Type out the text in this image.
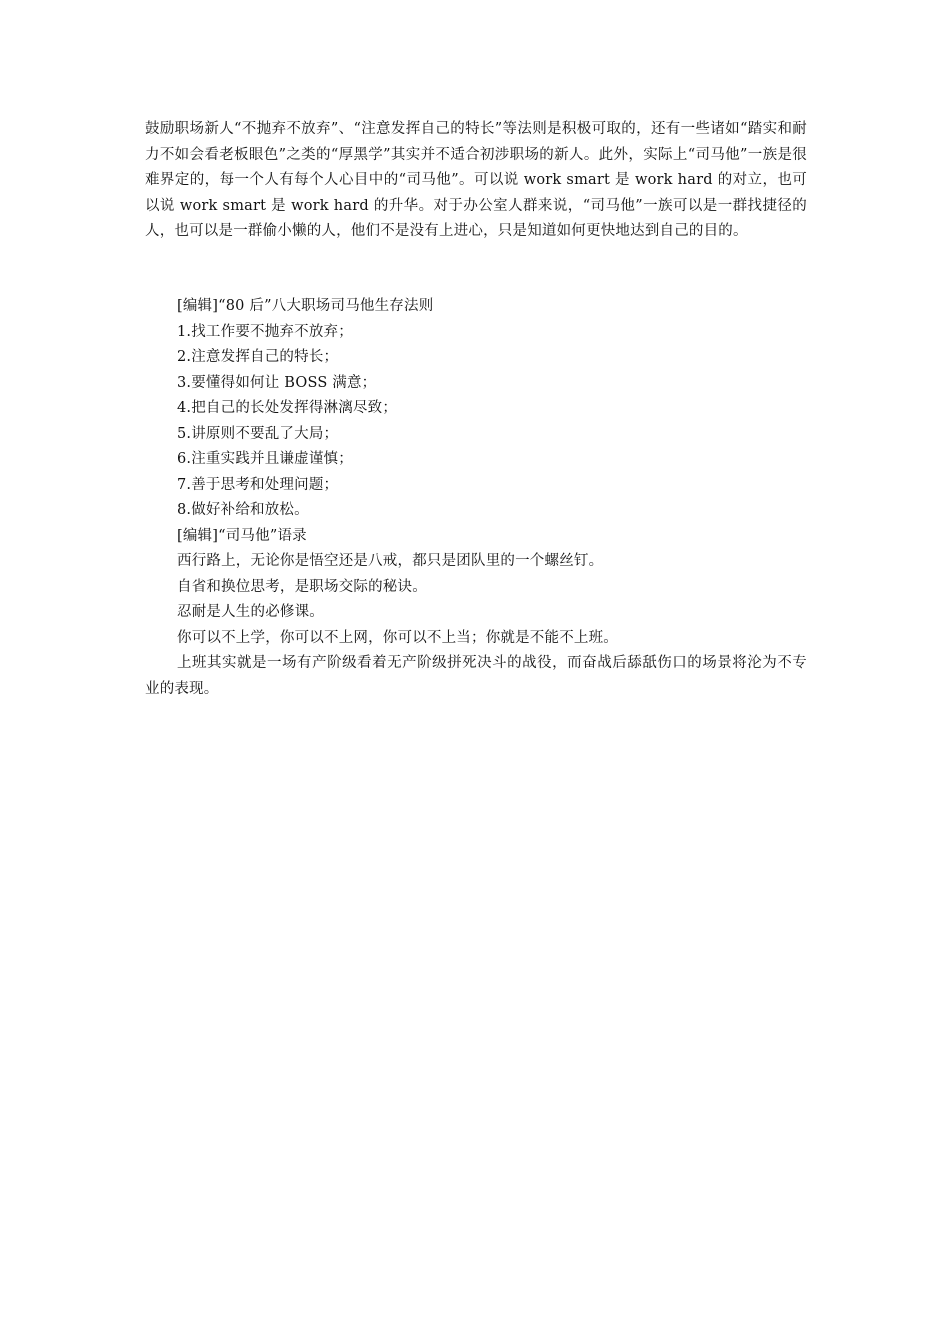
鼓励职场新人“不抛弃不放弃”、“注意发挥自己的特长”等法则是积极可取的，还有一些诸如“踏实和耐力不如会看老板眼色”之类的“厚黑学”其实并不适合初涉职场的新人。此外，实际上“司马他”一族是很难界定的，每一个人有每个人心目中的“司马他”。可以说 work smart 是 work hard 的对立，也可以说 work smart 是 work hard 的升华。对于办公室人群来说，“司马他”一族可以是一群找捷径的人，也可以是一群偷小懒的人，他们不是没有上进心，只是知道如何更快地达到自己的目的。

[编辑]“80 后”八大职场司马他生存法则
1.找工作要不抛弃不放弃；
2.注意发挥自己的特长；
3.要懂得如何让 BOSS 满意；
4.把自己的长处发挥得淋漓尽致；
5.讲原则不要乱了大局；
6.注重实践并且谦虚谨慎；
7.善于思考和处理问题；
8.做好补给和放松。
[编辑]“司马他”语录
西行路上，无论你是悟空还是八戒，都只是团队里的一个螺丝钉。
自省和换位思考，是职场交际的秘诀。
忍耐是人生的必修课。
你可以不上学，你可以不上网，你可以不上当；你就是不能不上班。

上班其实就是一场有产阶级看着无产阶级拼死决斗的战役，而奋战后舔舐伤口的场景将沦为不专业的表现。
